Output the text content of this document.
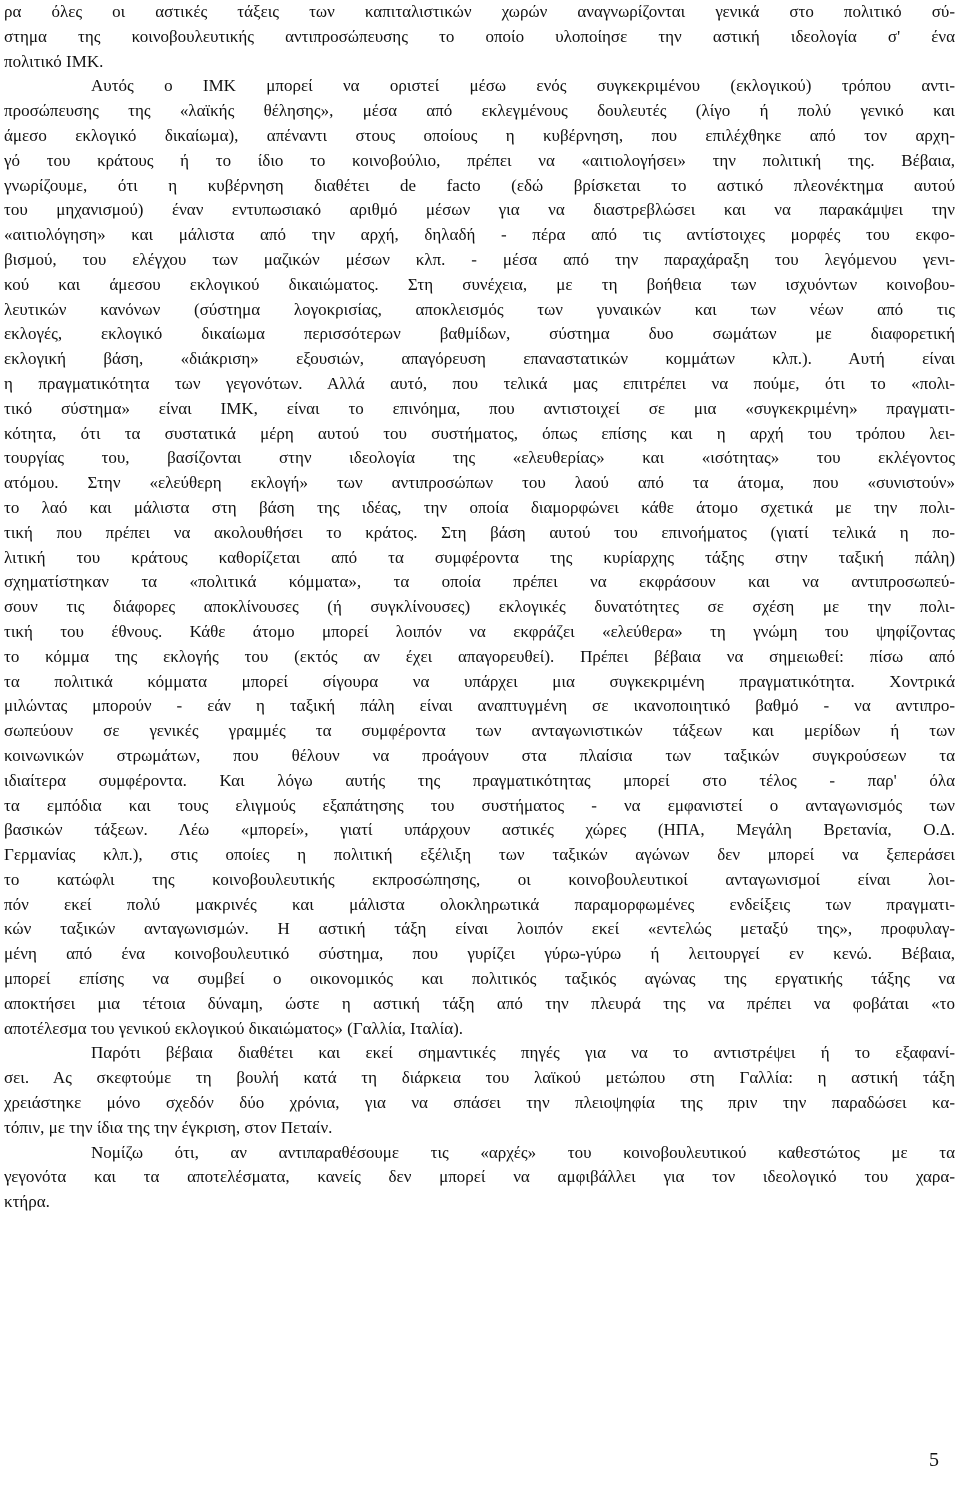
ρα όλες οι αστικές τάξεις των καπιταλιστικών χωρών αναγνωρίζονται γενικά στο πολιτικό σύ-
στημα της κοινοβουλευτικής αντιπροσώπευσης το οποίο υλοποίησε την αστική ιδεολογία σ' ένα
πολιτικό ΙΜΚ.
Αυτός ο ΙΜΚ μπορεί να οριστεί μέσω ενός συγκεκριμένου (εκλογικού) τρόπου αντι-
προσώπευσης της «λαϊκής θέλησης», μέσα από εκλεγμένους δουλευτές (λίγο ή πολύ γενικό και
άμεσο εκλογικό δικαίωμα), απέναντι στους οποίους η κυβέρνηση, που επιλέχθηκε από τον αρχη-
γό του κράτους ή το ίδιο το κοινοβούλιο, πρέπει να «αιτιολογήσει» την πολιτική της. Βέβαια,
γνωρίζουμε, ότι η κυβέρνηση διαθέτει de facto (εδώ βρίσκεται το αστικό πλεονέκτημα αυτού
του μηχανισμού) έναν εντυπωσιακό αριθμό μέσων για να διαστρεβλώσει και να παρακάμψει την
«αιτιολόγηση» και μάλιστα από την αρχή, δηλαδή - πέρα από τις αντίστοιχες μορφές του εκφο-
βισμού, του ελέγχου των μαζικών μέσων κλπ. - μέσα από την παραχάραξη του λεγόμενου γενι-
κού και άμεσου εκλογικού δικαιώματος. Στη συνέχεια, με τη βοήθεια των ισχυόντων κοινοβου-
λευτικών κανόνων (σύστημα λογοκρισίας, αποκλεισμός των γυναικών και των νέων από τις
εκλογές, εκλογικό δικαίωμα περισσότερων βαθμίδων, σύστημα δυο σωμάτων με διαφορετική
εκλογική βάση, «διάκριση» εξουσιών, απαγόρευση επαναστατικών κομμάτων κλπ.). Αυτή είναι
η πραγματικότητα των γεγονότων. Αλλά αυτό, που τελικά μας επιτρέπει να πούμε, ότι το «πολι-
τικό σύστημα» είναι ΙΜΚ, είναι το επινόημα, που αντιστοιχεί σε μια «συγκεκριμένη» πραγματι-
κότητα, ότι τα συστατικά μέρη αυτού του συστήματος, όπως επίσης και η αρχή του τρόπου λει-
τουργίας του, βασίζονται στην ιδεολογία της «ελευθερίας» και «ισότητας» του εκλέγοντος
ατόμου. Στην «ελεύθερη εκλογή» των αντιπροσώπων του λαού από τα άτομα, που «συνιστούν»
το λαό και μάλιστα στη βάση της ιδέας, την οποία διαμορφώνει κάθε άτομο σχετικά με την πολι-
τική που πρέπει να ακολουθήσει το κράτος. Στη βάση αυτού του επινοήματος (γιατί τελικά η πο-
λιτική του κράτους καθορίζεται από τα συμφέροντα της κυρίαρχης τάξης στην ταξική πάλη)
σχηματίστηκαν τα «πολιτικά κόμματα», τα οποία πρέπει να εκφράσουν και να αντιπροσωπεύ-
σουν τις διάφορες αποκλίνουσες (ή συγκλίνουσες) εκλογικές δυνατότητες σε σχέση με την πολι-
τική του έθνους. Κάθε άτομο μπορεί λοιπόν να εκφράζει «ελεύθερα» τη γνώμη του ψηφίζοντας
το κόμμα της εκλογής του (εκτός αν έχει απαγορευθεί). Πρέπει βέβαια να σημειωθεί: πίσω από
τα πολιτικά κόμματα μπορεί σίγουρα να υπάρχει μια συγκεκριμένη πραγματικότητα. Χοντρικά
μιλώντας μπορούν - εάν η ταξική πάλη είναι αναπτυγμένη σε ικανοποιητικό βαθμό - να αντιπρο-
σωπεύουν σε γενικές γραμμές τα συμφέροντα των ανταγωνιστικών τάξεων και μερίδων ή των
κοινωνικών στρωμάτων, που θέλουν να προάγουν στα πλαίσια των ταξικών συγκρούσεων τα
ιδιαίτερα συμφέροντα. Και λόγω αυτής της πραγματικότητας μπορεί στο τέλος - παρ' όλα
τα εμπόδια και τους ελιγμούς εξαπάτησης του συστήματος - να εμφανιστεί ο ανταγωνισμός των
βασικών τάξεων. Λέω «μπορεί», γιατί υπάρχουν αστικές χώρες (ΗΠΑ, Μεγάλη Βρετανία, Ο.Δ.
Γερμανίας κλπ.), στις οποίες η πολιτική εξέλιξη των ταξικών αγώνων δεν μπορεί να ξεπεράσει
το κατώφλι της κοινοβουλευτικής εκπροσώπησης, οι κοινοβουλευτικοί ανταγωνισμοί είναι λοι-
πόν εκεί πολύ μακρινές και μάλιστα ολοκληρωτικά παραμορφωμένες ενδείξεις των πραγματι-
κών ταξικών ανταγωνισμών. Η αστική τάξη είναι λοιπόν εκεί «εντελώς μεταξύ της», προφυλαγ-
μένη από ένα κοινοβουλευτικό σύστημα, που γυρίζει γύρω-γύρω ή λειτουργεί εν κενώ. Βέβαια,
μπορεί επίσης να συμβεί ο οικονομικός και πολιτικός ταξικός αγώνας της εργατικής τάξης να
αποκτήσει μια τέτοια δύναμη, ώστε η αστική τάξη από την πλευρά της να πρέπει να φοβάται «το
αποτέλεσμα του γενικού εκλογικού δικαιώματος» (Γαλλία, Ιταλία).
Παρότι βέβαια διαθέτει και εκεί σημαντικές πηγές για να το αντιστρέψει ή το εξαφανί-
σει. Ας σκεφτούμε τη βουλή κατά τη διάρκεια του λαϊκού μετώπου στη Γαλλία: η αστική τάξη
χρειάστηκε μόνο σχεδόν δύο χρόνια, για να σπάσει την πλειοψηφία της πριν την παραδώσει κα-
τόπιν, με την ίδια της την έγκριση, στον Πεταίν.
Νομίζω ότι, αν αντιπαραθέσουμε τις «αρχές» του κοινοβουλευτικού καθεστώτος με τα
γεγονότα και τα αποτελέσματα, κανείς δεν μπορεί να αμφιβάλλει για τον ιδεολογικό του χαρα-
κτήρα.
5
